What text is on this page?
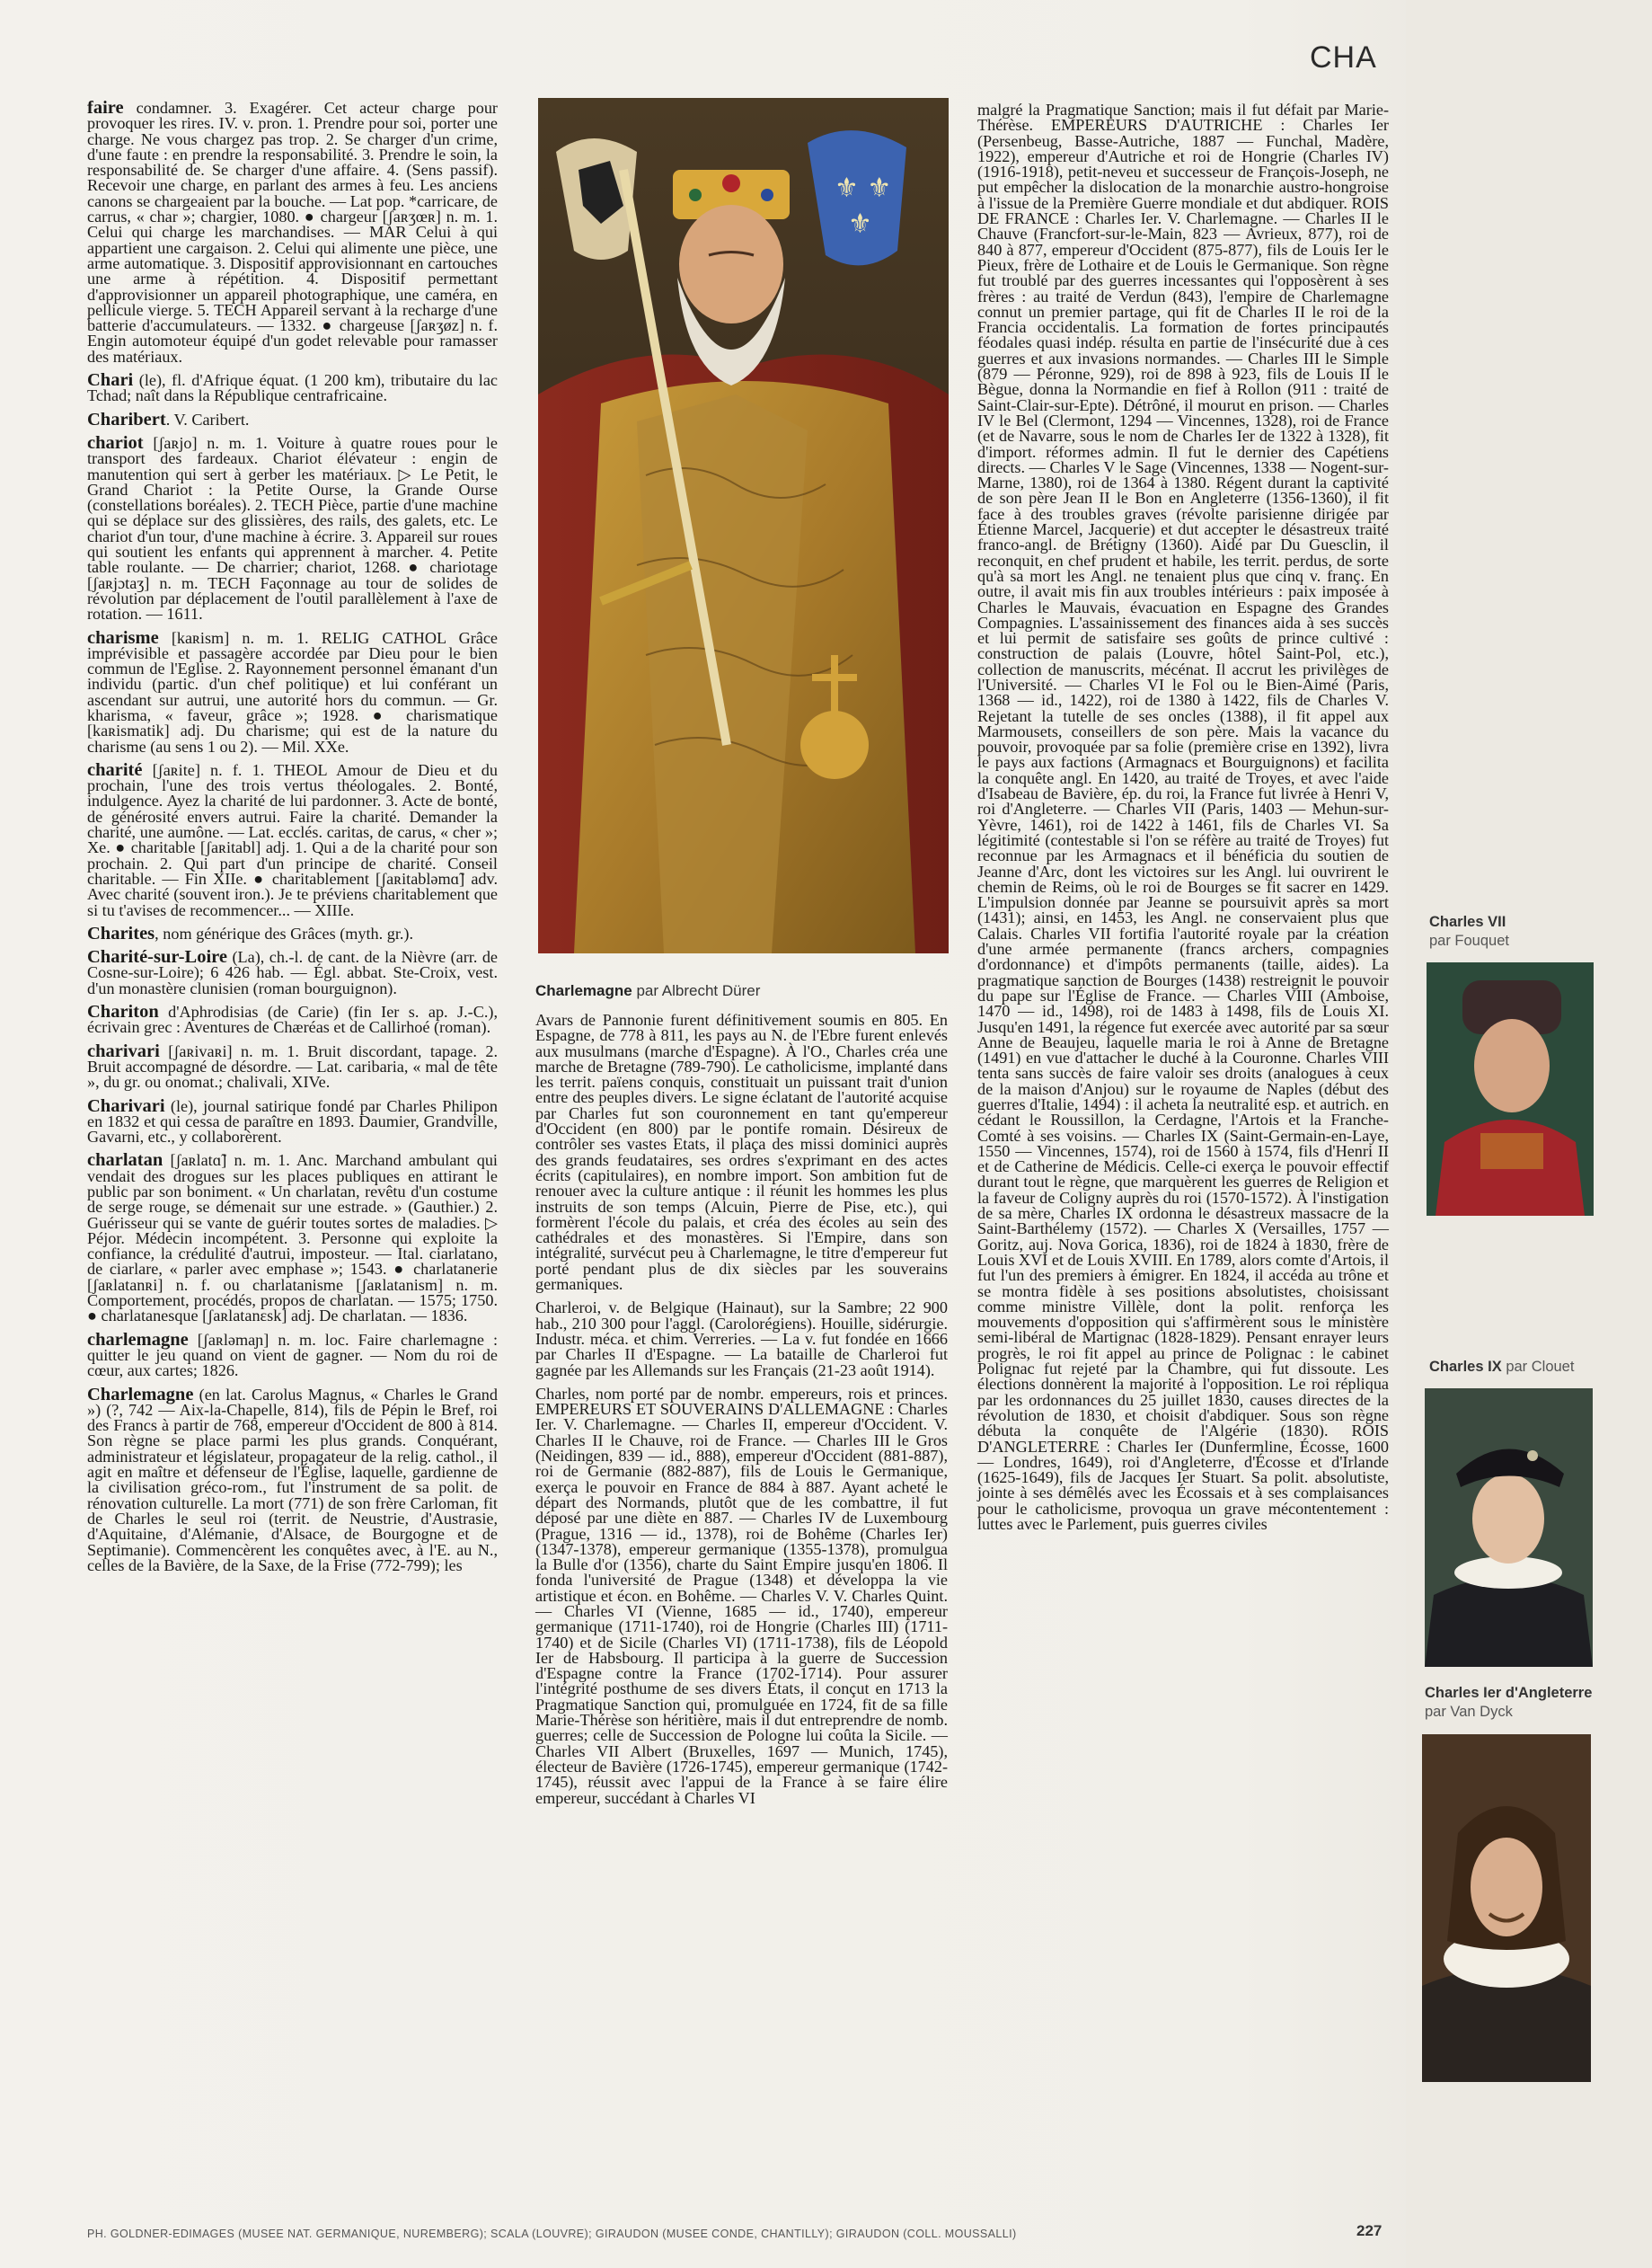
CHA

faire condamner. 3. Exagérer. Cet acteur charge pour provoquer les rires. IV. v. pron. 1. Prendre pour soi, porter une charge. Ne vous chargez pas trop. 2. Se charger d'un crime, d'une faute : en prendre la responsabilité. 3. Prendre le soin, la responsabilité de. Se charger d'une affaire. 4. (Sens passif). Recevoir une charge, en parlant des armes à feu. Les anciens canons se chargeaient par la bouche. — Lat pop. *carricare, de carrus, « char »; chargier, 1080. ● chargeur [ʃaʀʒœʀ] n. m. 1. Celui qui charge les marchandises. — MAR Celui à qui appartient une cargaison. 2. Celui qui alimente une pièce, une arme automatique. 3. Dispositif approvisionnant en cartouches une arme à répétition. 4. Dispositif permettant d'approvisionner un appareil photographique, une caméra, en pellicule vierge. 5. TECH Appareil servant à la recharge d'une batterie d'accumulateurs. — 1332. ● chargeuse [ʃaʀʒøz] n. f. Engin automoteur équipé d'un godet relevable pour ramasser des matériaux.

Chari (le), fl. d'Afrique équat. (1 200 km), tributaire du lac Tchad; naît dans la République centrafricaine.

Charibert. V. Caribert.

chariot [ʃaʀjo] n. m. 1. Voiture à quatre roues pour le transport des fardeaux. Chariot élévateur : engin de manutention qui sert à gerber les matériaux. ▷ Le Petit, le Grand Chariot : la Petite Ourse, la Grande Ourse (constellations boréales). 2. TECH Pièce, partie d'une machine qui se déplace sur des glissières, des rails, des galets, etc. Le chariot d'un tour, d'une machine à écrire. 3. Appareil sur roues qui soutient les enfants qui apprennent à marcher. 4. Petite table roulante. — De charrier; chariot, 1268. ● chariotage [ʃaʀjɔtaʒ] n. m. TECH Façonnage au tour de solides de révolution par déplacement de l'outil parallèlement à l'axe de rotation. — 1611.

charisme [kaʀism] n. m. 1. RELIG CATHOL Grâce imprévisible et passagère accordée par Dieu pour le bien commun de l'Eglise. 2. Rayonnement personnel émanant d'un individu (partic. d'un chef politique) et lui conférant un ascendant sur autrui, une autorité hors du commun. — Gr. kharisma, « faveur, grâce »; 1928. ● charismatique [kaʀismatik] adj. Du charisme; qui est de la nature du charisme (au sens 1 ou 2). — Mil. XXe.

charité [ʃaʀite] n. f. 1. THEOL Amour de Dieu et du prochain, l'une des trois vertus théologales. 2. Bonté, indulgence. Ayez la charité de lui pardonner. 3. Acte de bonté, de générosité envers autrui. Faire la charité. Demander la charité, une aumône. — Lat. ecclés. caritas, de carus, « cher »; Xe. ● charitable [ʃaʀitabl] adj. 1. Qui a de la charité pour son prochain. 2. Qui part d'un principe de charité. Conseil charitable. — Fin XIIe. ● charitablement [ʃaʀitabləmɑ̃] adv. Avec charité (souvent iron.). Je te préviens charitablement que si tu t'avises de recommencer... — XIIIe.

Charites, nom générique des Grâces (myth. gr.).

Charité-sur-Loire (La), ch.-l. de cant. de la Nièvre (arr. de Cosne-sur-Loire); 6 426 hab. — Égl. abbat. Ste-Croix, vest. d'un monastère clunisien (roman bourguignon).

Chariton d'Aphrodisias (de Carie) (fin Ier s. ap. J.-C.), écrivain grec : Aventures de Chæréas et de Callirhoé (roman).

charivari [ʃaʀivaʀi] n. m. 1. Bruit discordant, tapage. 2. Bruit accompagné de désordre. — Lat. caribaria, « mal de tête », du gr. ou onomat.; chalivali, XIVe.

Charivari (le), journal satirique fondé par Charles Philipon en 1832 et qui cessa de paraître en 1893. Daumier, Grandville, Gavarni, etc., y collaborèrent.

charlatan [ʃaʀlatɑ̃] n. m. 1. Anc. Marchand ambulant qui vendait des drogues sur les places publiques en attirant le public par son boniment. « Un charlatan, revêtu d'un costume de serge rouge, se démenait sur une estrade. » (Gauthier.) 2. Guérisseur qui se vante de guérir toutes sortes de maladies. ▷ Péjor. Médecin incompétent. 3. Personne qui exploite la confiance, la crédulité d'autrui, imposteur. — Ital. ciarlatano, de ciarlare, « parler avec emphase »; 1543. ● charlatanerie [ʃaʀlatanʀi] n. f. ou charlatanisme [ʃaʀlatanism] n. m. Comportement, procédés, propos de charlatan. — 1575; 1750. ● charlatanesque [ʃaʀlatanɛsk] adj. De charlatan. — 1836.

charlemagne [ʃaʀləmaɲ] n. m. loc. Faire charlemagne : quitter le jeu quand on vient de gagner. — Nom du roi de cœur, aux cartes; 1826.

Charlemagne (en lat. Carolus Magnus, « Charles le Grand ») (?, 742 — Aix-la-Chapelle, 814), fils de Pépin le Bref, roi des Francs à partir de 768, empereur d'Occident de 800 à 814. Son règne se place parmi les plus grands. Conquérant, administrateur et législateur, propagateur de la relig. cathol., il agit en maître et défenseur de l'Église, laquelle, gardienne de la civilisation gréco-rom., fut l'instrument de sa polit. de rénovation culturelle. La mort (771) de son frère Carloman, fit de Charles le seul roi (territ. de Neustrie, d'Austrasie, d'Aquitaine, d'Alémanie, d'Alsace, de Bourgogne et de Septimanie). Commencèrent les conquêtes avec, à l'E. au N., celles de la Bavière, de la Saxe, de la Frise (772-799); les

⚜ ⚜
⚜
Charlemagne par Albrecht Dürer

Avars de Pannonie furent définitivement soumis en 805. En Espagne, de 778 à 811, les pays au N. de l'Ebre furent enlevés aux musulmans (marche d'Espagne). À l'O., Charles créa une marche de Bretagne (789-790). Le catholicisme, implanté dans les territ. païens conquis, constituait un puissant trait d'union entre des peuples divers. Le signe éclatant de l'autorité acquise par Charles fut son couronnement en tant qu'empereur d'Occident (en 800) par le pontife romain. Désireux de contrôler ses vastes Etats, il plaça des missi dominici auprès des grands feudataires, ses ordres s'exprimant en des actes écrits (capitulaires), en nombre import. Son ambition fut de renouer avec la culture antique : il réunit les hommes les plus instruits de son temps (Alcuin, Pierre de Pise, etc.), qui formèrent l'école du palais, et créa des écoles au sein des cathédrales et des monastères. Si l'Empire, dans son intégralité, survécut peu à Charlemagne, le titre d'empereur fut porté pendant plus de dix siècles par les souverains germaniques.

Charleroi, v. de Belgique (Hainaut), sur la Sambre; 22 900 hab., 210 300 pour l'aggl. (Carolorégiens). Houille, sidérurgie. Industr. méca. et chim. Verreries. — La v. fut fondée en 1666 par Charles II d'Espagne. — La bataille de Charleroi fut gagnée par les Allemands sur les Français (21-23 août 1914).

Charles, nom porté par de nombr. empereurs, rois et princes. EMPEREURS ET SOUVERAINS D'ALLEMAGNE : Charles Ier. V. Charlemagne. — Charles II, empereur d'Occident. V. Charles II le Chauve, roi de France. — Charles III le Gros (Neidingen, 839 — id., 888), empereur d'Occident (881-887), roi de Germanie (882-887), fils de Louis le Germanique, exerça le pouvoir en France de 884 à 887. Ayant acheté le départ des Normands, plutôt que de les combattre, il fut déposé par une diète en 887. — Charles IV de Luxembourg (Prague, 1316 — id., 1378), roi de Bohême (Charles Ier) (1347-1378), empereur germanique (1355-1378), promulgua la Bulle d'or (1356), charte du Saint Empire jusqu'en 1806. Il fonda l'université de Prague (1348) et développa la vie artistique et écon. en Bohême. — Charles V. V. Charles Quint. — Charles VI (Vienne, 1685 — id., 1740), empereur germanique (1711-1740), roi de Hongrie (Charles III) (1711-1740) et de Sicile (Charles VI) (1711-1738), fils de Léopold Ier de Habsbourg. Il participa à la guerre de Succession d'Espagne contre la France (1702-1714). Pour assurer l'intégrité posthume de ses divers États, il conçut en 1713 la Pragmatique Sanction qui, promulguée en 1724, fit de sa fille Marie-Thérèse son héritière, mais il dut entreprendre de nomb. guerres; celle de Succession de Pologne lui coûta la Sicile. — Charles VII Albert (Bruxelles, 1697 — Munich, 1745), électeur de Bavière (1726-1745), empereur germanique (1742-1745), réussit avec l'appui de la France à se faire élire empereur, succédant à Charles VI

malgré la Pragmatique Sanction; mais il fut défait par Marie-Thérèse. EMPEREURS D'AUTRICHE : Charles Ier (Persenbeug, Basse-Autriche, 1887 — Funchal, Madère, 1922), empereur d'Autriche et roi de Hongrie (Charles IV) (1916-1918), petit-neveu et successeur de François-Joseph, ne put empêcher la dislocation de la monarchie austro-hongroise à l'issue de la Première Guerre mondiale et dut abdiquer. ROIS DE FRANCE : Charles Ier. V. Charlemagne. — Charles II le Chauve (Francfort-sur-le-Main, 823 — Avrieux, 877), roi de 840 à 877, empereur d'Occident (875-877), fils de Louis Ier le Pieux, frère de Lothaire et de Louis le Germanique. Son règne fut troublé par des guerres incessantes qui l'opposèrent à ses frères : au traité de Verdun (843), l'empire de Charlemagne connut un premier partage, qui fit de Charles II le roi de la Francia occidentalis. La formation de fortes principautés féodales quasi indép. résulta en partie de l'insécurité due à ces guerres et aux invasions normandes. — Charles III le Simple (879 — Péronne, 929), roi de 898 à 923, fils de Louis II le Bègue, donna la Normandie en fief à Rollon (911 : traité de Saint-Clair-sur-Epte). Détrôné, il mourut en prison. — Charles IV le Bel (Clermont, 1294 — Vincennes, 1328), roi de France (et de Navarre, sous le nom de Charles Ier de 1322 à 1328), fit d'import. réformes admin. Il fut le dernier des Capétiens directs. — Charles V le Sage (Vincennes, 1338 — Nogent-sur-Marne, 1380), roi de 1364 à 1380. Régent durant la captivité de son père Jean II le Bon en Angleterre (1356-1360), il fit face à des troubles graves (révolte parisienne dirigée par Étienne Marcel, Jacquerie) et dut accepter le désastreux traité franco-angl. de Brétigny (1360). Aidé par Du Guesclin, il reconquit, en chef prudent et habile, les territ. perdus, de sorte qu'à sa mort les Angl. ne tenaient plus que cinq v. franç. En outre, il avait mis fin aux troubles intérieurs : paix imposée à Charles le Mauvais, évacuation en Espagne des Grandes Compagnies. L'assainissement des finances aida à ses succès et lui permit de satisfaire ses goûts de prince cultivé : construction de palais (Louvre, hôtel Saint-Pol, etc.), collection de manuscrits, mécénat. Il accrut les privilèges de l'Université. — Charles VI le Fol ou le Bien-Aimé (Paris, 1368 — id., 1422), roi de 1380 à 1422, fils de Charles V. Rejetant la tutelle de ses oncles (1388), il fit appel aux Marmousets, conseillers de son père. Mais la vacance du pouvoir, provoquée par sa folie (première crise en 1392), livra le pays aux factions (Armagnacs et Bourguignons) et facilita la conquête angl. En 1420, au traité de Troyes, et avec l'aide d'Isabeau de Bavière, ép. du roi, la France fut livrée à Henri V, roi d'Angleterre. — Charles VII (Paris, 1403 — Mehun-sur-Yèvre, 1461), roi de 1422 à 1461, fils de Charles VI. Sa légitimité (contestable si l'on se réfère au traité de Troyes) fut reconnue par les Armagnacs et il bénéficia du soutien de Jeanne d'Arc, dont les victoires sur les Angl. lui ouvrirent le chemin de Reims, où le roi de Bourges se fit sacrer en 1429. L'impulsion donnée par Jeanne se poursuivit après sa mort (1431); ainsi, en 1453, les Angl. ne conservaient plus que Calais. Charles VII fortifia l'autorité royale par la création d'une armée permanente (francs archers, compagnies d'ordonnance) et d'impôts permanents (taille, aides). La pragmatique sanction de Bourges (1438) restreignit le pouvoir du pape sur l'Église de France. — Charles VIII (Amboise, 1470 — id., 1498), roi de 1483 à 1498, fils de Louis XI. Jusqu'en 1491, la régence fut exercée avec autorité par sa sœur Anne de Beaujeu, laquelle maria le roi à Anne de Bretagne (1491) en vue d'attacher le duché à la Couronne. Charles VIII tenta sans succès de faire valoir ses droits (analogues à ceux de la maison d'Anjou) sur le royaume de Naples (début des guerres d'Italie, 1494) : il acheta la neutralité esp. et autrich. en cédant le Roussillon, la Cerdagne, l'Artois et la Franche-Comté à ses voisins. — Charles IX (Saint-Germain-en-Laye, 1550 — Vincennes, 1574), roi de 1560 à 1574, fils d'Henri II et de Catherine de Médicis. Celle-ci exerça le pouvoir effectif durant tout le règne, que marquèrent les guerres de Religion et la faveur de Coligny auprès du roi (1570-1572). À l'instigation de sa mère, Charles IX ordonna le désastreux massacre de la Saint-Barthélemy (1572). — Charles X (Versailles, 1757 — Goritz, auj. Nova Gorica, 1836), roi de 1824 à 1830, frère de Louis XVI et de Louis XVIII. En 1789, alors comte d'Artois, il fut l'un des premiers à émigrer. En 1824, il accéda au trône et se montra fidèle à ses positions absolutistes, choisissant comme ministre Villèle, dont la polit. renforça les mouvements d'opposition qui s'affirmèrent sous le ministère semi-libéral de Martignac (1828-1829). Pensant enrayer leurs progrès, le roi fit appel au prince de Polignac : le cabinet Polignac fut rejeté par la Chambre, qui fut dissoute. Les élections donnèrent la majorité à l'opposition. Le roi répliqua par les ordonnances du 25 juillet 1830, causes directes de la révolution de 1830, et choisit d'abdiquer. Sous son règne débuta la conquête de l'Algérie (1830). ROIS D'ANGLETERRE : Charles Ier (Dunfermline, Écosse, 1600 — Londres, 1649), roi d'Angleterre, d'Écosse et d'Irlande (1625-1649), fils de Jacques Ier Stuart. Sa polit. absolutiste, jointe à ses démêlés avec les Écossais et à ses complaisances pour le catholicisme, provoqua un grave mécontentement : luttes avec le Parlement, puis guerres civiles

Charles VII
par Fouquet
Charles IX par Clouet
Charles Ier d'Angleterre
par Van Dyck
PH. GOLDNER-EDIMAGES (MUSEE NAT. GERMANIQUE, NUREMBERG); SCALA (LOUVRE); GIRAUDON (MUSEE CONDE, CHANTILLY); GIRAUDON (COLL. MOUSSALLI)	227
